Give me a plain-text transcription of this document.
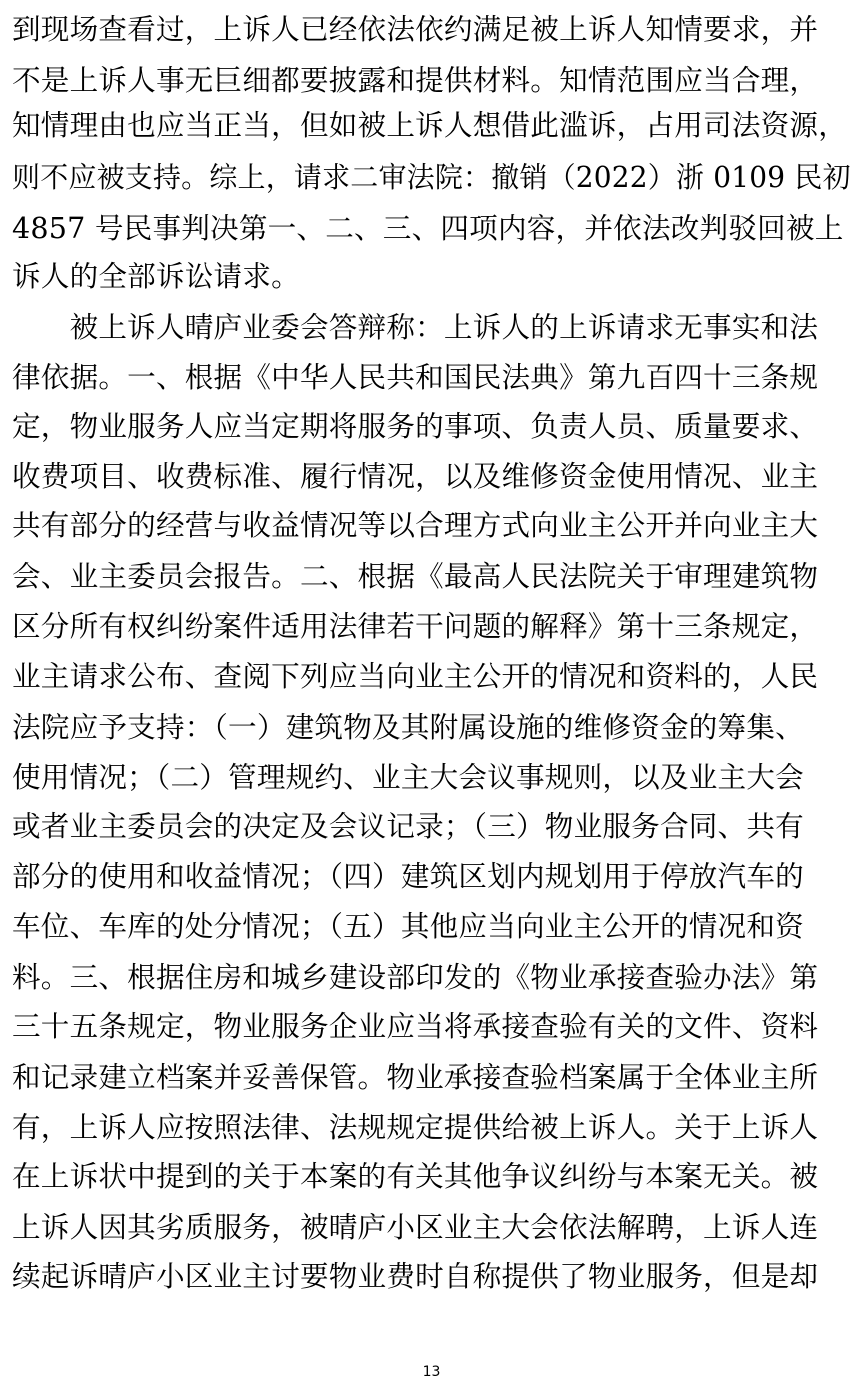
到现场查看过，上诉人已经依法依约满足被上诉人知情要求，并
不是上诉人事无巨细都要披露和提供材料。知情范围应当合理，
知情理由也应当正当，但如被上诉人想借此滥诉，占用司法资源，
则不应被支持。综上，请求二审法院：撤销（2022）浙 0109 民初
4857 号民事判决第一、二、三、四项内容，并依法改判驳回被上
诉人的全部诉讼请求。
　　被上诉人晴庐业委会答辩称：上诉人的上诉请求无事实和法
律依据。一、根据《中华人民共和国民法典》第九百四十三条规
定，物业服务人应当定期将服务的事项、负责人员、质量要求、
收费项目、收费标准、履行情况，以及维修资金使用情况、业主
共有部分的经营与收益情况等以合理方式向业主公开并向业主大
会、业主委员会报告。二、根据《最高人民法院关于审理建筑物
区分所有权纠纷案件适用法律若干问题的解释》第十三条规定，
业主请求公布、查阅下列应当向业主公开的情况和资料的，人民
法院应予支持：（一）建筑物及其附属设施的维修资金的筹集、
使用情况；（二）管理规约、业主大会议事规则，以及业主大会
或者业主委员会的决定及会议记录；（三）物业服务合同、共有
部分的使用和收益情况；（四）建筑区划内规划用于停放汽车的
车位、车库的处分情况；（五）其他应当向业主公开的情况和资
料。三、根据住房和城乡建设部印发的《物业承接查验办法》第
三十五条规定，物业服务企业应当将承接查验有关的文件、资料
和记录建立档案并妥善保管。物业承接查验档案属于全体业主所
有，上诉人应按照法律、法规规定提供给被上诉人。关于上诉人
在上诉状中提到的关于本案的有关其他争议纠纷与本案无关。被
上诉人因其劣质服务，被晴庐小区业主大会依法解聘，上诉人连
续起诉晴庐小区业主讨要物业费时自称提供了物业服务，但是却
13
